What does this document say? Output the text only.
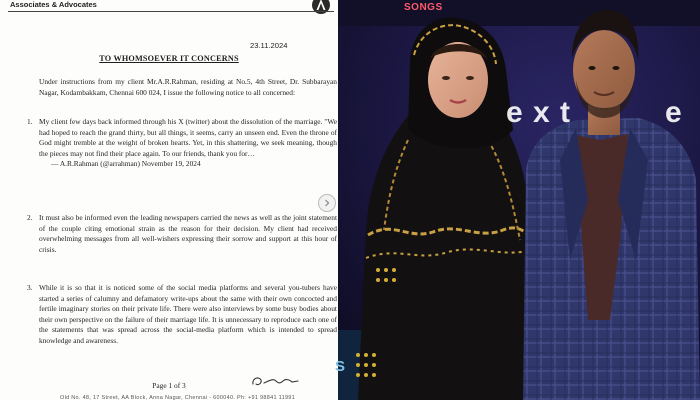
Associates & Advocates
23.11.2024
TO WHOMSOEVER IT CONCERNS
Under instructions from my client Mr.A.R.Rahman, residing at No.5, 4th Street, Dr. Subbarayan Nagar, Kodambakkam, Chennai 600 024, I issue the following notice to all concerned:
1. My client few days back informed through his X (twitter) about the dissolution of the marriage. "We had hoped to reach the grand thirty, but all things, it seems, carry an unseen end. Even the throne of God might tremble at the weight of broken hearts. Yet, in this shattering, we seek meaning, though the pieces may not find their place again. To our friends, thank you for…
— A.R.Rahman (@arrahman) November 19, 2024
2. It must also be informed even the leading newspapers carried the news as well as the joint statement of the couple citing emotional strain as the reason for their decision. My client had received overwhelming messages from all well-wishers expressing their sorrow and support at this hour of crisis.
3. While it is so that it is noticed some of the social media platforms and several you-tubers have started a series of calumny and defamatory write-ups about the same with their own concocted and fertile imaginary stories on their private life. There were also interviews by some busy bodies about their own perspective on the failure of their marriage life. It is unnecessary to reproduce each one of the statements that was spread across the social-media platform which is intended to spread knowledge and awareness.
Page 1 of 3
Old No. 48, 17 Street, AA Block, Anna Nagar, Chennai - 600040. Ph: +91 98841 11991
SONGS
e x t	e
S
